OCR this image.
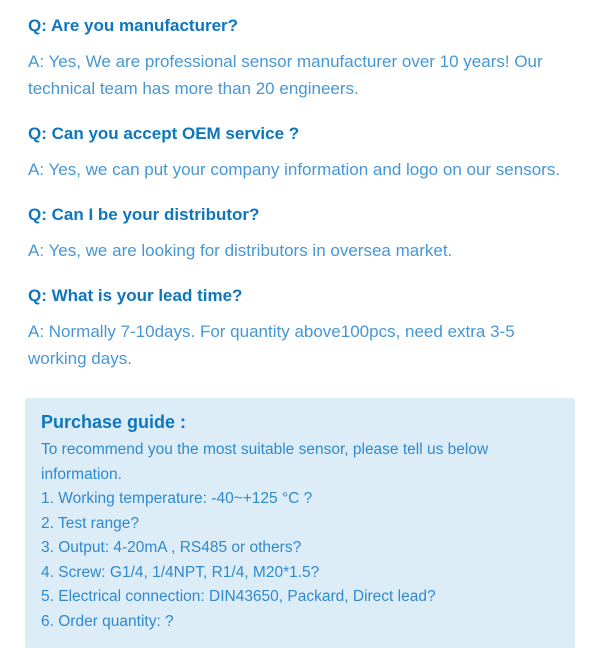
Q: Are you manufacturer?

A: Yes, We are professional sensor manufacturer over 10 years! Our technical team has more than 20 engineers.

Q: Can you accept OEM service ?

A: Yes, we can put your company information and logo on our sensors.

Q: Can I be your distributor?

A: Yes, we are looking for distributors in oversea market.

Q: What is your lead time?

A: Normally 7-10days. For quantity above100pcs, need extra 3-5 working days.

Purchase guide :

To recommend you the most suitable sensor, please tell us below information.

1. Working temperature: -40~+125 °C ?

2. Test range?

3. Output: 4-20mA , RS485 or others?

4. Screw: G1/4, 1/4NPT, R1/4, M20*1.5?

5. Electrical connection: DIN43650, Packard, Direct lead?

6. Order quantity: ?
